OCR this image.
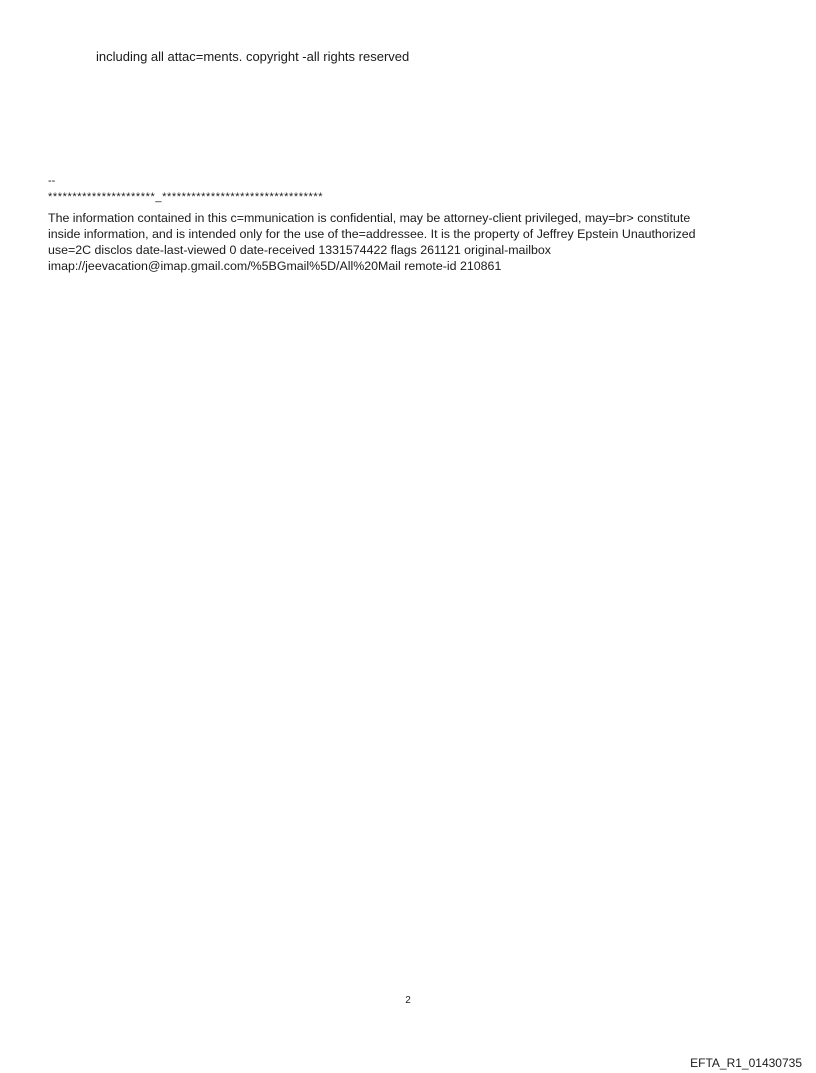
including all attac=ments. copyright -all rights reserved
--
**********************_*********************************
The information contained in this c=mmunication is confidential, may be attorney-client privileged, may=br> constitute
inside information, and is intended only for the use of the=addressee. It is the property of Jeffrey Epstein Unauthorized
use=2C disclos date-last-viewed 0 date-received 1331574422 flags 261121 original-mailbox
imap://jeevacation@imap.gmail.com/%5BGmail%5D/All%20Mail remote-id 210861
2
EFTA_R1_01430735
